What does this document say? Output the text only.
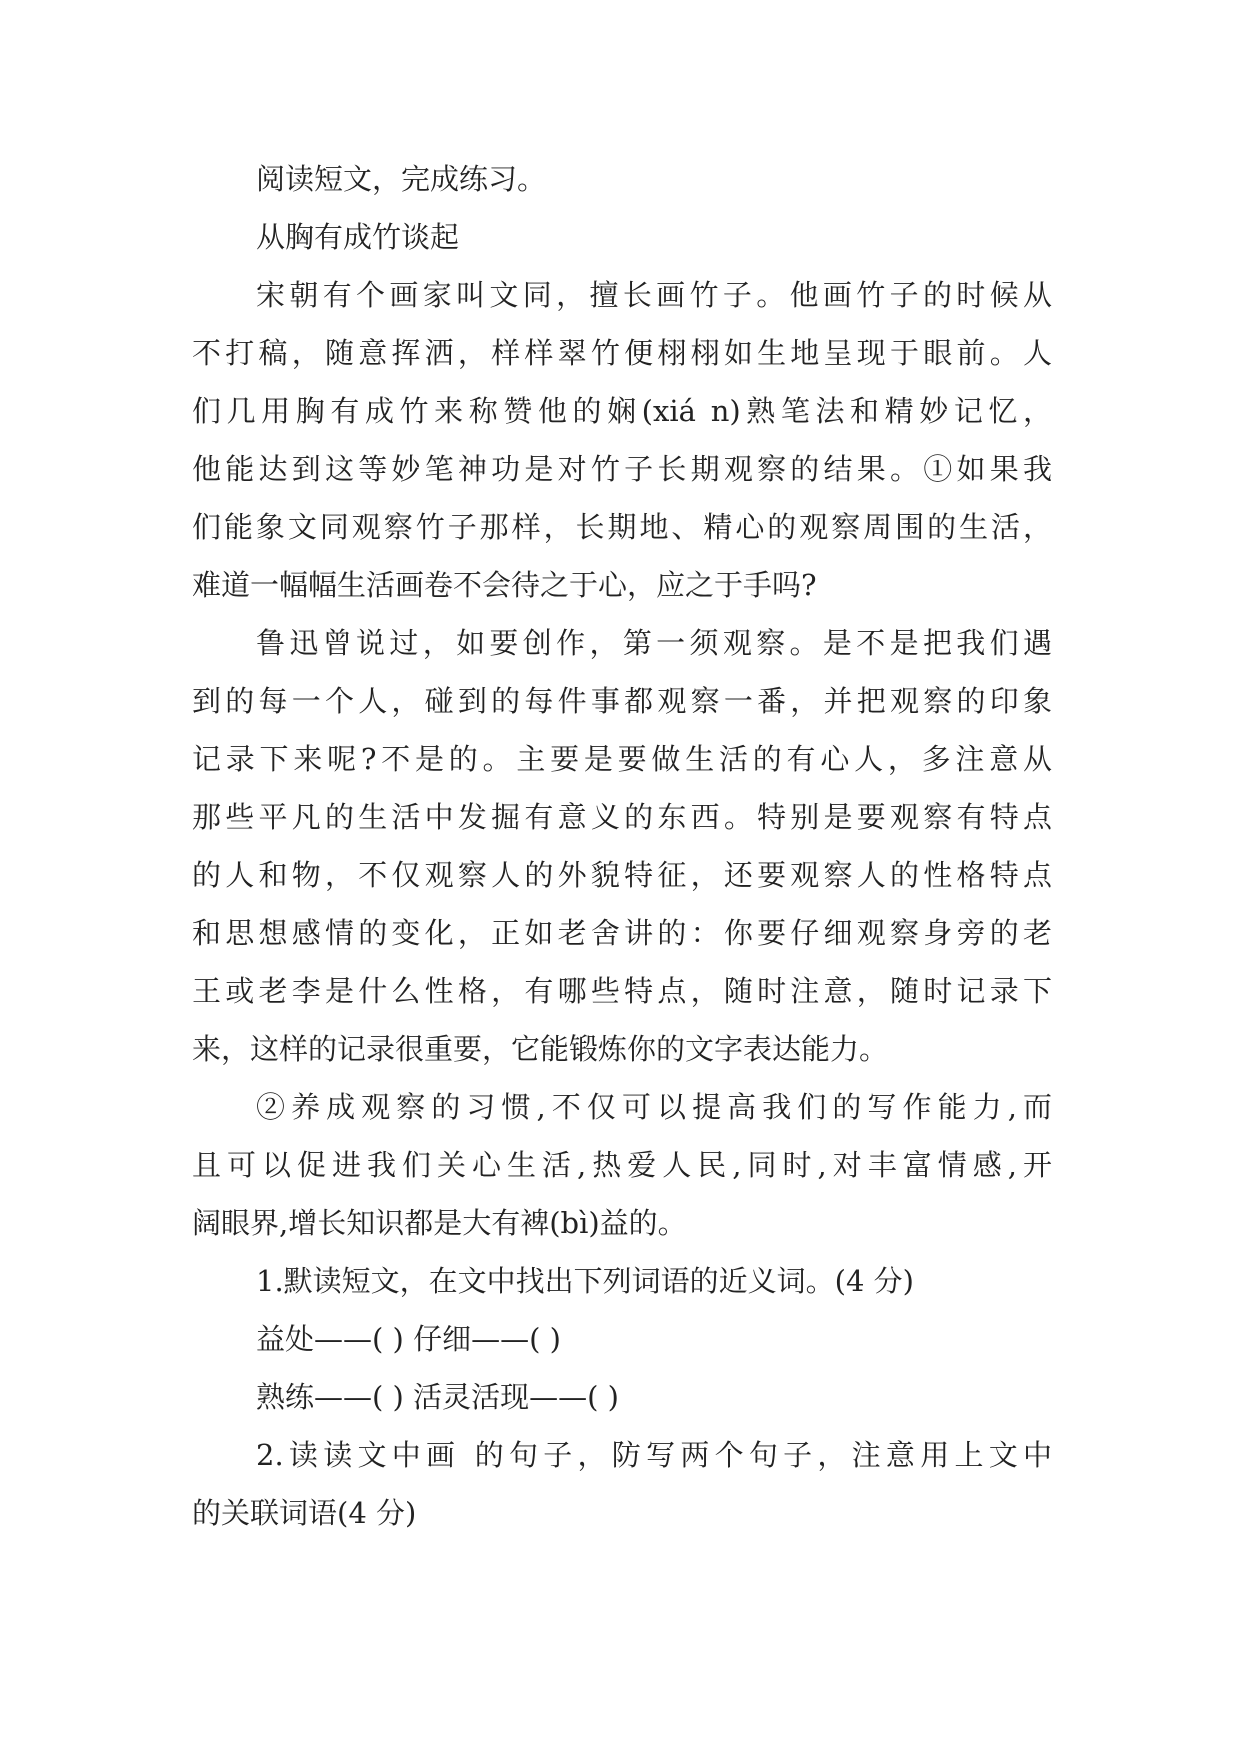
阅读短文，完成练习。

从胸有成竹谈起

宋朝有个画家叫文同，擅长画竹子。他画竹子的时候从

不打稿，随意挥洒，样样翠竹便栩栩如生地呈现于眼前。人

们几用胸有成竹来称赞他的娴(xiá n)熟笔法和精妙记忆，

他能达到这等妙笔神功是对竹子长期观察的结果。①如果我

们能象文同观察竹子那样，长期地、精心的观察周围的生活，

难道一幅幅生活画卷不会待之于心，应之于手吗?

鲁迅曾说过，如要创作，第一须观察。是不是把我们遇

到的每一个人，碰到的每件事都观察一番，并把观察的印象

记录下来呢?不是的。主要是要做生活的有心人，多注意从

那些平凡的生活中发掘有意义的东西。特别是要观察有特点

的人和物，不仅观察人的外貌特征，还要观察人的性格特点

和思想感情的变化，正如老舍讲的：你要仔细观察身旁的老

王或老李是什么性格，有哪些特点，随时注意，随时记录下

来，这样的记录很重要，它能锻炼你的文字表达能力。

②养成观察的习惯,不仅可以提高我们的写作能力,而

且可以促进我们关心生活,热爱人民,同时,对丰富情感,开

阔眼界,增长知识都是大有裨(bì)益的。

1.默读短文，在文中找出下列词语的近义词。(4 分)

益处——( ) 仔细——( )

熟练——( ) 活灵活现——( )

2.读读文中画 的句子，防写两个句子，注意用上文中

的关联词语(4 分)
